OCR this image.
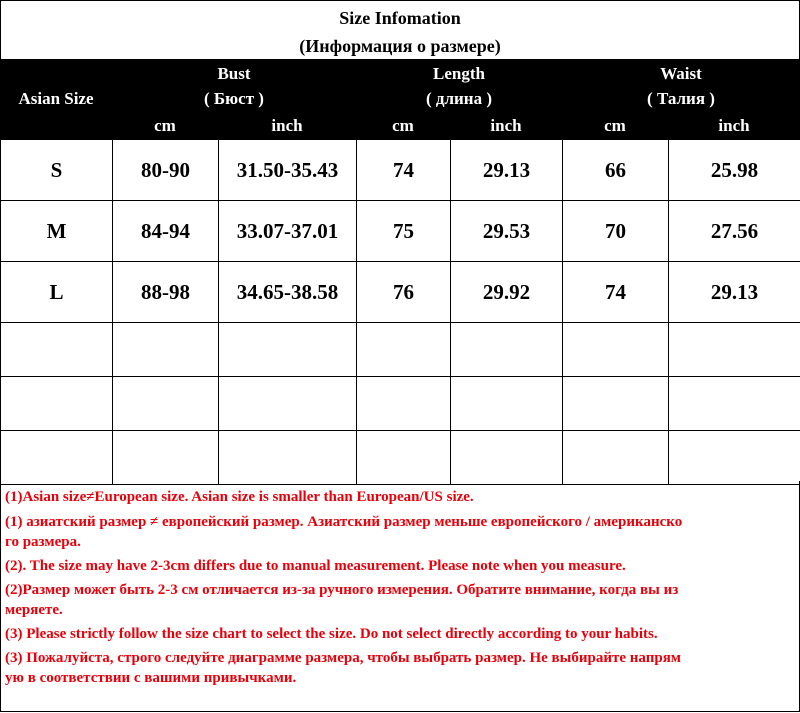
Size Infomation
(Информация о размере)
Asian Size
Bust
( Бюст )
Length
( длина )
Waist
( Талия )
cm	inch	cm	inch	cm	inch
S	80-90	31.50-35.43	74	29.13	66	25.98
M	84-94	33.07-37.01	75	29.53	70	27.56
L	88-98	34.65-38.58	76	29.92	74	29.13

(1)Asian size≠European size. Asian size is smaller than European/US size.
(1) азиатский размер ≠ европейский размер. Азиатский размер меньше европейского / американско
го размера.
(2). The size may have 2-3cm differs due to manual measurement. Please note when you measure.
(2)Размер может быть 2-3 см отличается из-за ручного измерения. Обратите внимание, когда вы из
меряете.
(3) Please strictly follow the size chart to select the size. Do not select directly according to your habits.
(3) Пожалуйста, строго следуйте диаграмме размера, чтобы выбрать размер. Не выбирайте напрям
ую в соответствии с вашими привычками.
